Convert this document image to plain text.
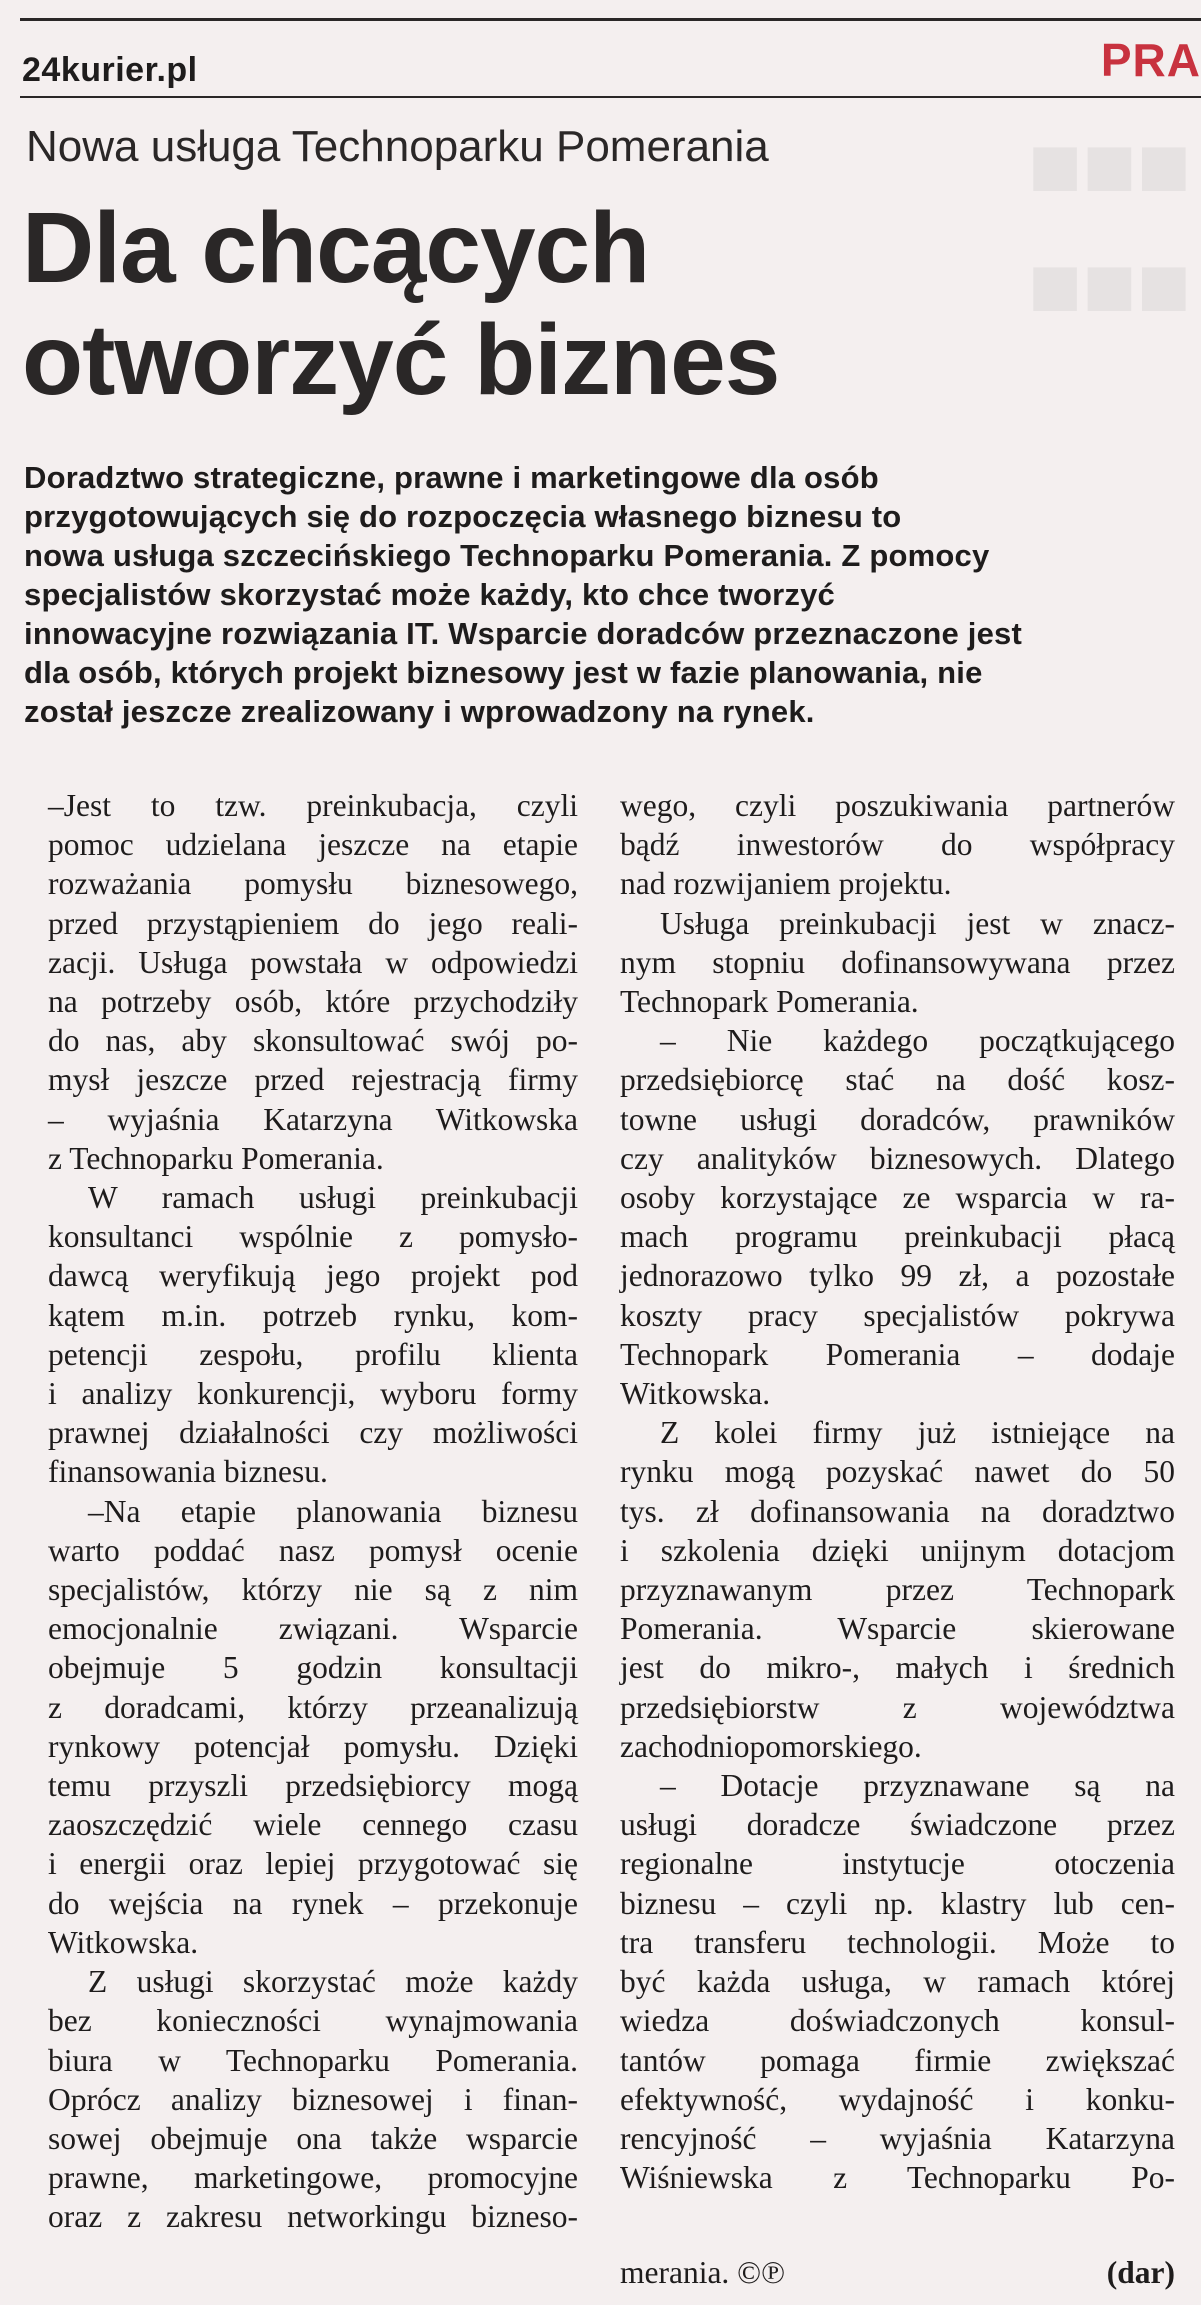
■■■
■■■
24kurier.pl	PRA
Nowa usługa Technoparku Pomerania
Dla chcących
otworzyć biznes
Doradztwo strategiczne, prawne i marketingowe dla osób
przygotowujących się do rozpoczęcia własnego biznesu to
nowa usługa szczecińskiego Technoparku Pomerania. Z pomocy
specjalistów skorzystać może każdy, kto chce tworzyć
innowacyjne rozwiązania IT. Wsparcie doradców przeznaczone jest
dla osób, których projekt biznesowy jest w fazie planowania, nie
został jeszcze zrealizowany i wprowadzony na rynek.
–Jest to tzw. preinkubacja, czyli
pomoc udzielana jeszcze na etapie
rozważania pomysłu biznesowego,
przed przystąpieniem do jego reali-
zacji. Usługa powstała w odpowiedzi
na potrzeby osób, które przychodziły
do nas, aby skonsultować swój po-
mysł jeszcze przed rejestracją firmy
– wyjaśnia Katarzyna Witkowska
z Technoparku Pomerania.
W ramach usługi preinkubacji
konsultanci wspólnie z pomysło-
dawcą weryfikują jego projekt pod
kątem m.in. potrzeb rynku, kom-
petencji zespołu, profilu klienta
i analizy konkurencji, wyboru formy
prawnej działalności czy możliwości
finansowania biznesu.
–Na etapie planowania biznesu
warto poddać nasz pomysł ocenie
specjalistów, którzy nie są z nim
emocjonalnie związani. Wsparcie
obejmuje 5 godzin konsultacji
z doradcami, którzy przeanalizują
rynkowy potencjał pomysłu. Dzięki
temu przyszli przedsiębiorcy mogą
zaoszczędzić wiele cennego czasu
i energii oraz lepiej przygotować się
do wejścia na rynek – przekonuje
Witkowska.
Z usługi skorzystać może każdy
bez konieczności wynajmowania
biura w Technoparku Pomerania.
Oprócz analizy biznesowej i finan-
sowej obejmuje ona także wsparcie
prawne, marketingowe, promocyjne
oraz z zakresu networkingu bizneso-
wego, czyli poszukiwania partnerów
bądź inwestorów do współpracy
nad rozwijaniem projektu.
Usługa preinkubacji jest w znacz-
nym stopniu dofinansowywana przez
Technopark Pomerania.
– Nie każdego początkującego
przedsiębiorcę stać na dość kosz-
towne usługi doradców, prawników
czy analityków biznesowych. Dlatego
osoby korzystające ze wsparcia w ra-
mach programu preinkubacji płacą
jednorazowo tylko 99 zł, a pozostałe
koszty pracy specjalistów pokrywa
Technopark Pomerania – dodaje
Witkowska.
Z kolei firmy już istniejące na
rynku mogą pozyskać nawet do 50
tys. zł dofinansowania na doradztwo
i szkolenia dzięki unijnym dotacjom
przyznawanym przez Technopark
Pomerania. Wsparcie skierowane
jest do mikro-, małych i średnich
przedsiębiorstw z województwa
zachodniopomorskiego.
– Dotacje przyznawane są na
usługi doradcze świadczone przez
regionalne instytucje otoczenia
biznesu – czyli np. klastry lub cen-
tra transferu technologii. Może to
być każda usługa, w ramach której
wiedza doświadczonych konsul-
tantów pomaga firmie zwiększać
efektywność, wydajność i konku-
rencyjność – wyjaśnia Katarzyna
Wiśniewska z Technoparku Po-
merania. ©℗	(dar)
